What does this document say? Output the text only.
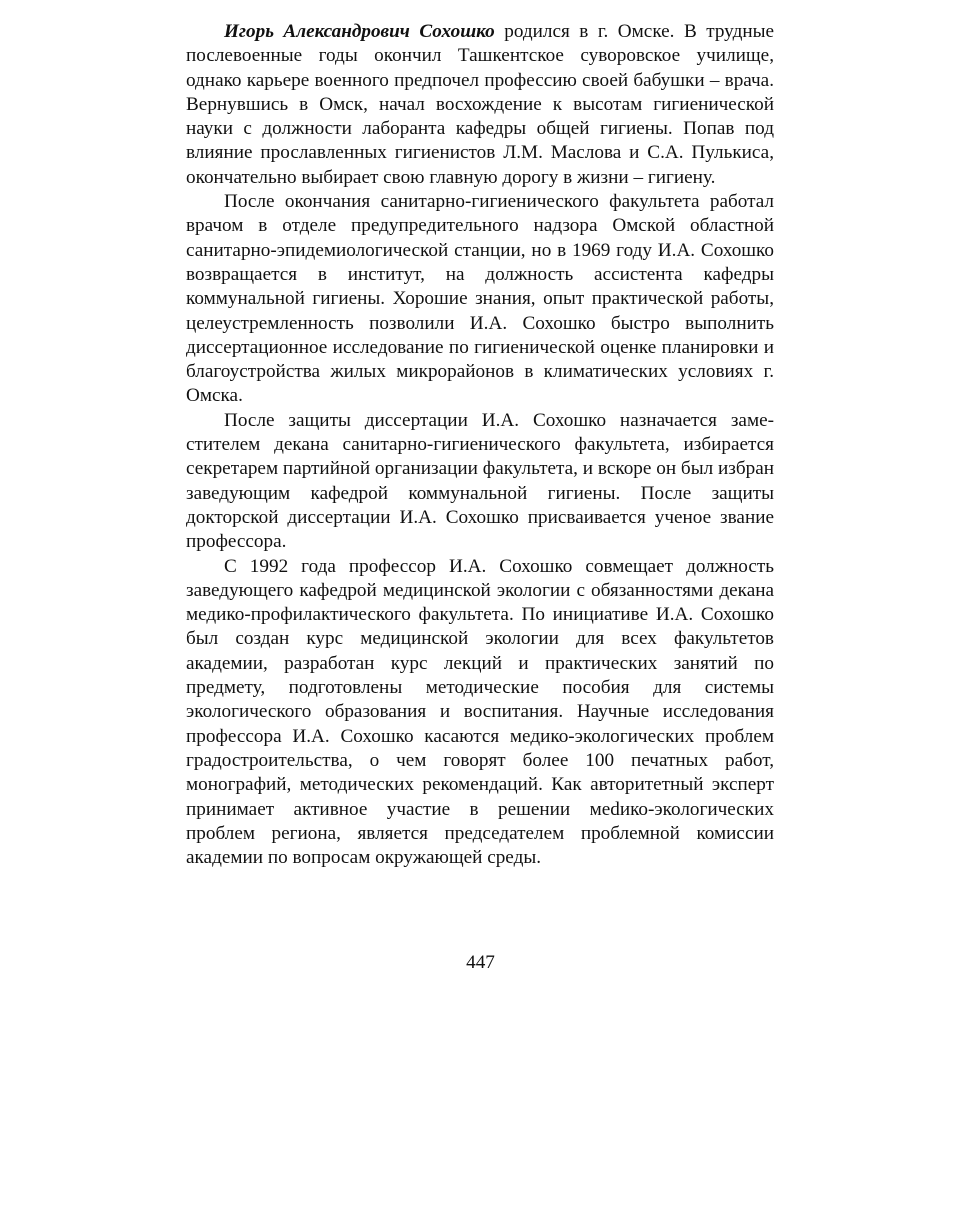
Игорь Александрович Сохошко родился в г. Омске. В трудные послевоенные годы окончил Ташкентское суворовское училище, однако карьере военного предпочел профессию своей бабушки – врача. Вернувшись в Омск, начал восхождение к высотам гигиенической науки с должности лаборанта кафедры общей гигиены. Попав под влияние прославленных гигиенистов Л.М. Маслова и С.А. Пулькиса, окончательно выбирает свою главную дорогу в жизни – гигиену.

После окончания санитарно-гигиенического факультета работал врачом в отделе предупредительного надзора Омской областной санитарно-эпидемиологической станции, но в 1969 году И.А. Сохошко возвращается в институт, на должность ассистента кафедры коммунальной гигиены. Хорошие знания, опыт практической работы, целеустремленность позволили И.А. Сохошко быстро выполнить диссертационное исследование по гигиенической оценке планировки и благоустройства жилых микрорайонов в климатических условиях г. Омска.

После защиты диссертации И.А. Сохошко назначается заместителем декана санитарно-гигиенического факультета, избирается секретарем партийной организации факультета, и вскоре он был избран заведующим кафедрой коммунальной гигиены. После защиты докторской диссертации И.А. Сохошко присваивается ученое звание профессора.

С 1992 года профессор И.А. Сохошко совмещает должность заведующего кафедрой медицинской экологии с обязанностями декана медико-профилактического факультета. По инициативе И.А. Сохошко был создан курс медицинской экологии для всех факультетов академии, разработан курс лекций и практических занятий по предмету, подготовлены методические пособия для системы экологического образования и воспитания. Научные исследования профессора И.А. Сохошко касаются медико-экологических проблем градостроительства, о чем говорят более 100 печатных работ, монографий, методических рекомендаций. Как авторитетный эксперт принимает активное участие в решении меdико-экологических проблем региона, является председателем проблемной комиссии академии по вопросам окружающей среды.

447
